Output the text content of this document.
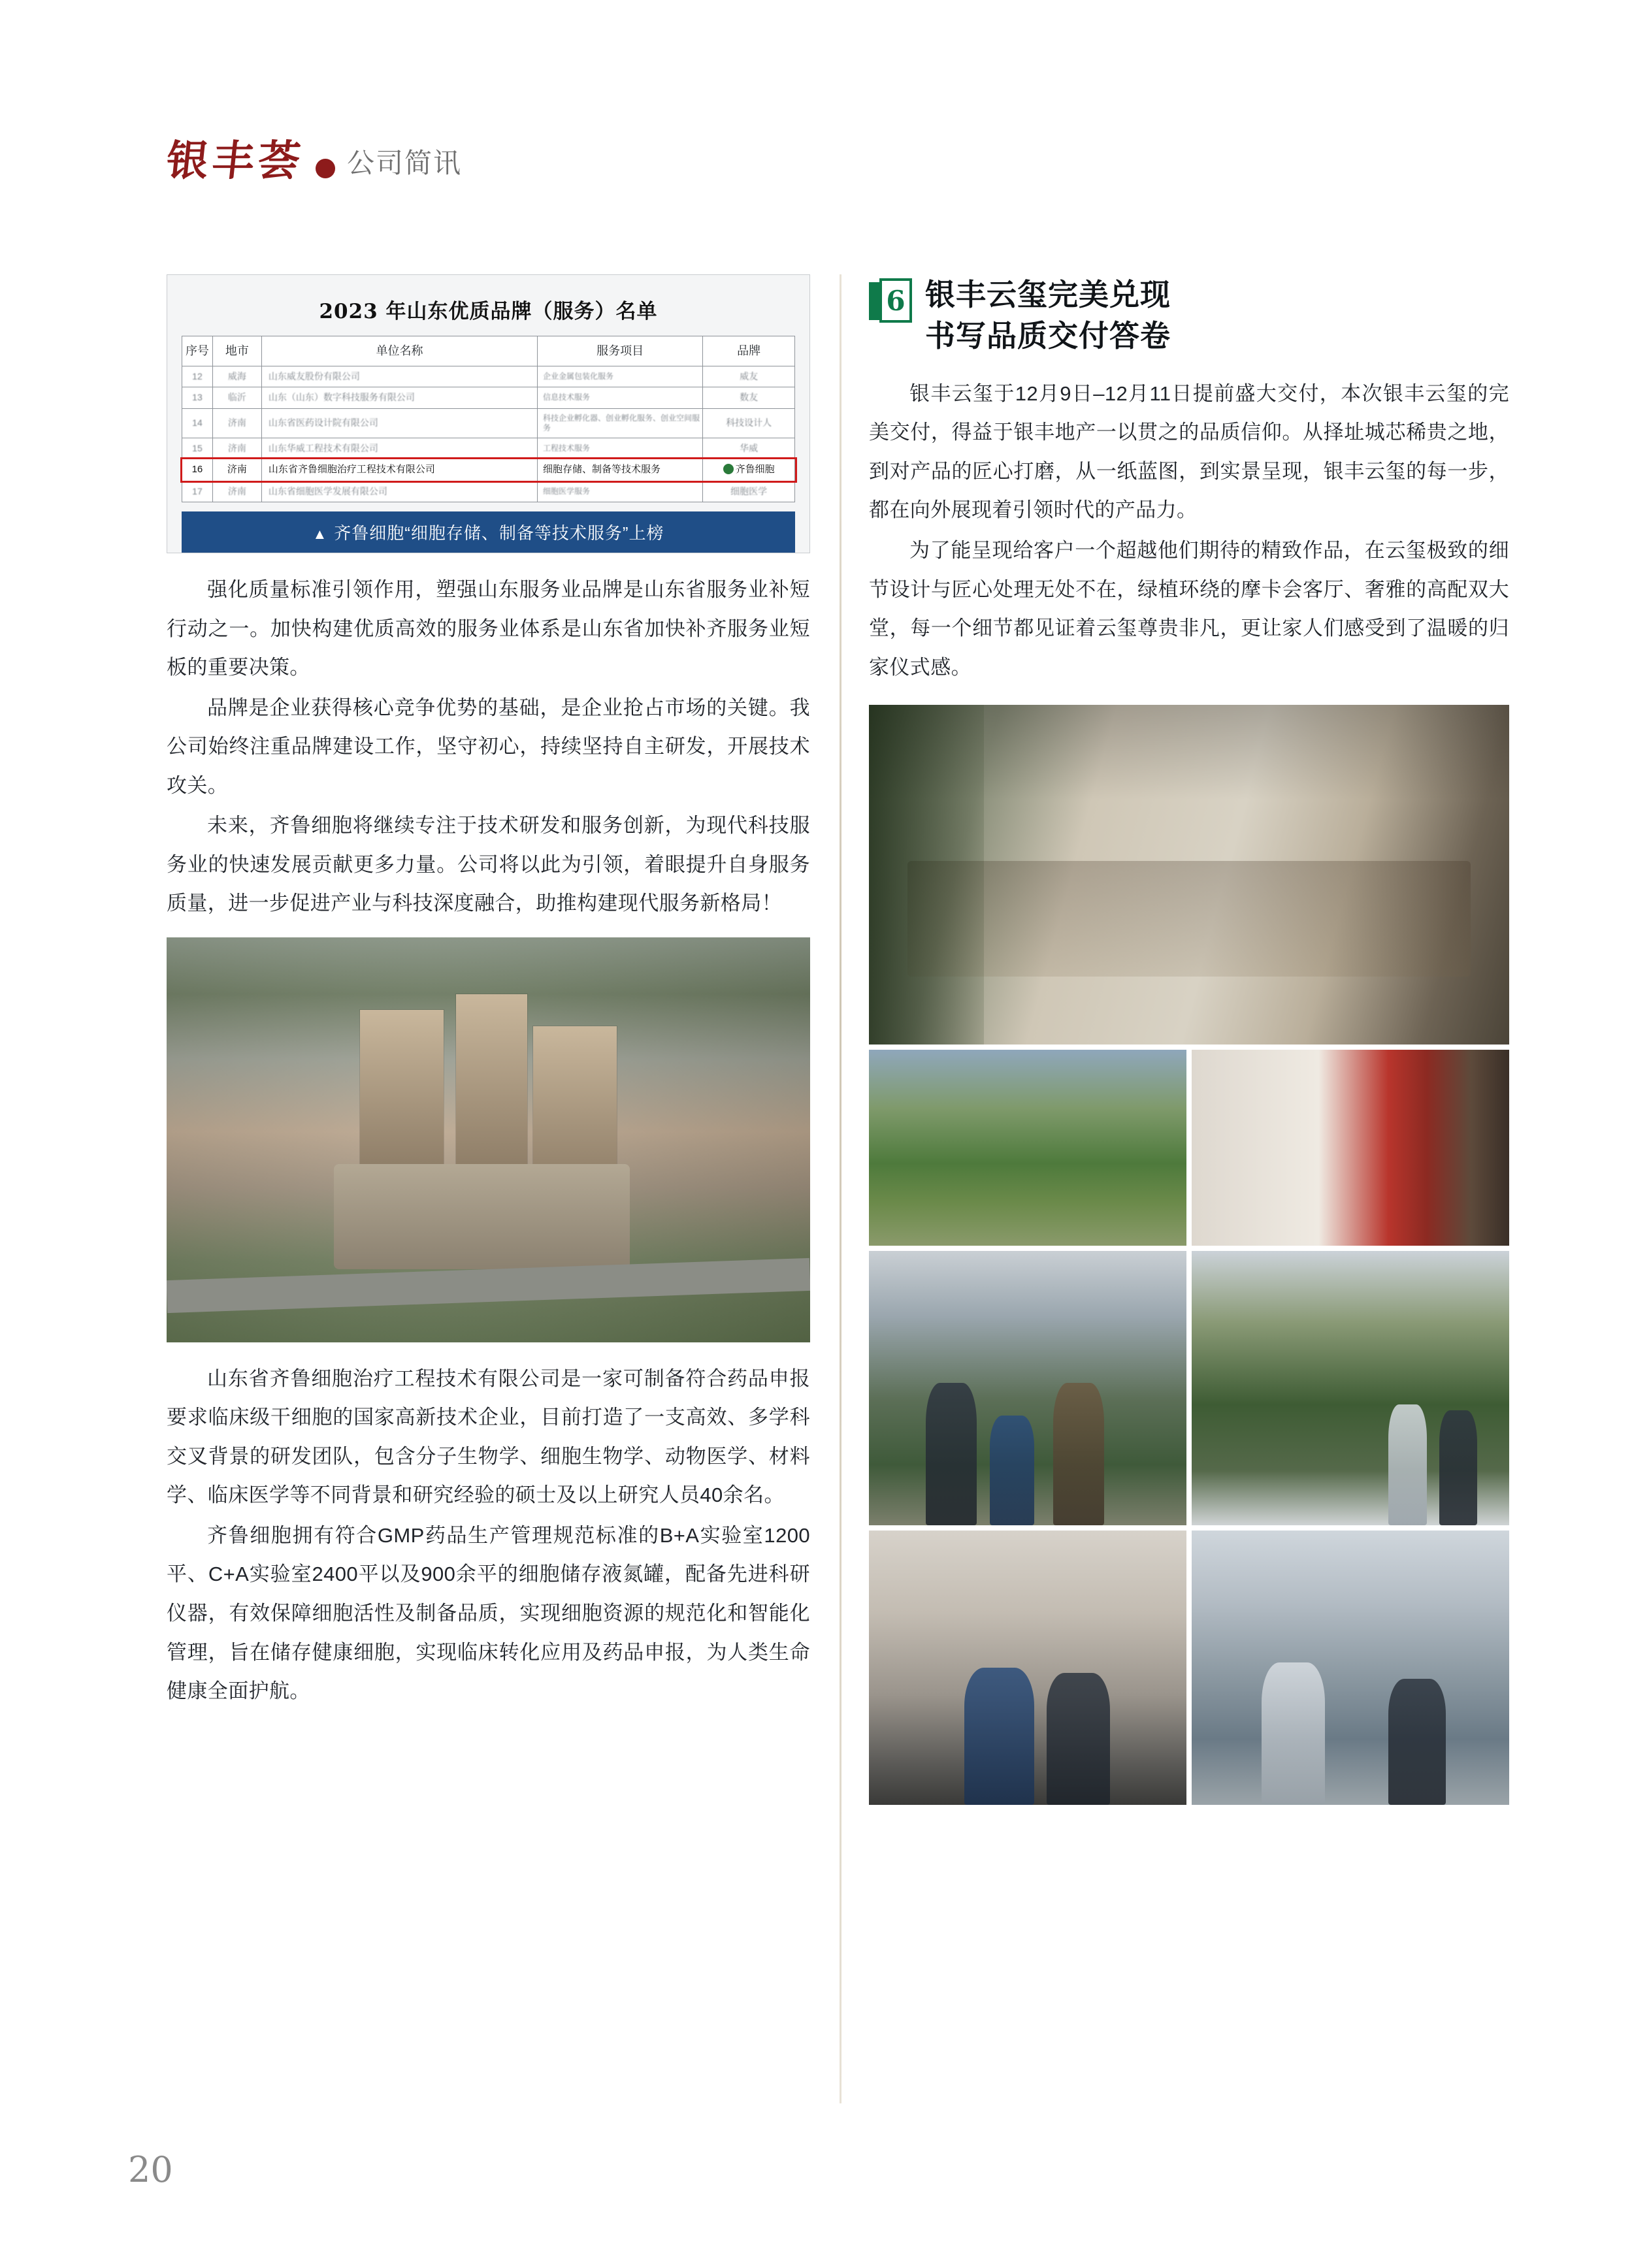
银丰荟 公司简讯
2023 年山东优质品牌（服务）名单
序号	地市	单位名称	服务项目	品牌
12	威海	山东威友股份有限公司	企业金属包装化服务	威友
13	临沂	山东（山东）数字科技服务有限公司	信息技术服务	数友
14	济南	山东省医药设计院有限公司	科技企业孵化器、创业孵化服务、创业空间服务	科技设计人
15	济南	山东华威工程技术有限公司	工程技术服务	华威
16	济南	山东省齐鲁细胞治疗工程技术有限公司	细胞存储、制备等技术服务	齐鲁细胞
17	济南	山东省细胞医学发展有限公司	细胞医学服务	细胞医学
▲ 齐鲁细胞“细胞存储、制备等技术服务”上榜

强化质量标准引领作用，塑强山东服务业品牌是山东省服务业补短行动之一。加快构建优质高效的服务业体系是山东省加快补齐服务业短板的重要决策。

品牌是企业获得核心竞争优势的基础，是企业抢占市场的关键。我公司始终注重品牌建设工作，坚守初心，持续坚持自主研发，开展技术攻关。

未来，齐鲁细胞将继续专注于技术研发和服务创新，为现代科技服务业的快速发展贡献更多力量。公司将以此为引领，着眼提升自身服务质量，进一步促进产业与科技深度融合，助推构建现代服务新格局！

山东省齐鲁细胞治疗工程技术有限公司是一家可制备符合药品申报要求临床级干细胞的国家高新技术企业，目前打造了一支高效、多学科交叉背景的研发团队，包含分子生物学、细胞生物学、动物医学、材料学、临床医学等不同背景和研究经验的硕士及以上研究人员40余名。

齐鲁细胞拥有符合GMP药品生产管理规范标准的B+A实验室1200平、C+A实验室2400平以及900余平的细胞储存液氮罐，配备先进科研仪器，有效保障细胞活性及制备品质，实现细胞资源的规范化和智能化管理，旨在储存健康细胞，实现临床转化应用及药品申报，为人类生命健康全面护航。

6 银丰云玺完美兑现
书写品质交付答卷

银丰云玺于12月9日–12月11日提前盛大交付，本次银丰云玺的完美交付，得益于银丰地产一以贯之的品质信仰。从择址城芯稀贵之地，到对产品的匠心打磨，从一纸蓝图，到实景呈现，银丰云玺的每一步，都在向外展现着引领时代的产品力。

为了能呈现给客户一个超越他们期待的精致作品，在云玺极致的细节设计与匠心处理无处不在，绿植环绕的摩卡会客厅、奢雅的高配双大堂，每一个细节都见证着云玺尊贵非凡，更让家人们感受到了温暖的归家仪式感。

20
